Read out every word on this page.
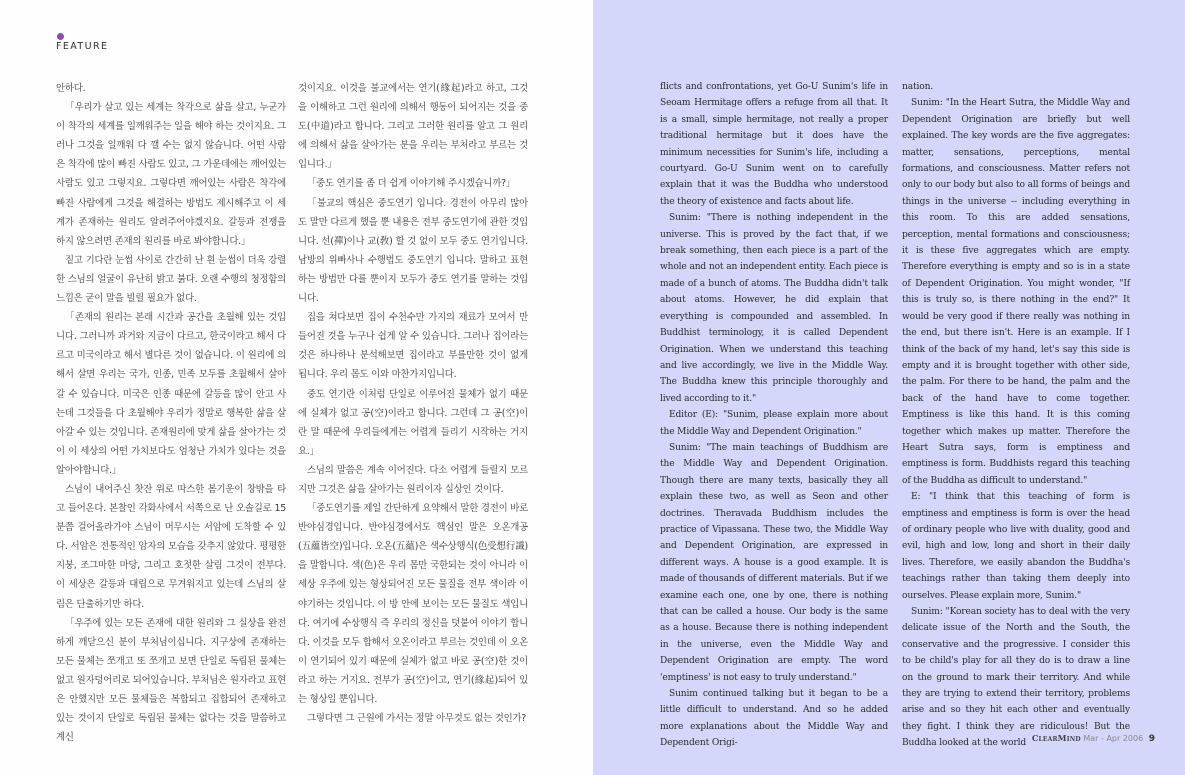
FEATURE

안하다.

「우리가 살고 있는 세계는 착각으로 삶을 살고, 누군가 이 착각의 세계를 일깨워주는 일을 해야 하는 것이지요. 그러나 그것을 일깨워 다 깰 수는 없지 않습니다. 어떤 사람은 착각에 많이 빠진 사람도 있고, 그 가운데에는 깨어있는 사람도 있고 그렇지요. 그렇다면 깨어있는 사람은 착각에 빠진 사람에게 그것을 해결하는 방법도 제시해주고 이 세계가 존재하는 원리도 알려주어야겠지요. 갈등과 전쟁을 하지 않으려면 존재의 원리를 바로 봐야합니다.」

짙고 기다란 눈썹 사이로 간간히 난 흰 눈썹이 더욱 강렬한 스님의 얼굴이 유난히 밝고 붉다. 오랜 수행의 청정함의 느낌은 굳이 말을 빌릴 필요가 없다.

「존재의 원리는 본래 시간과 공간을 초월해 있는 것입니다. 그러니까 과거와 지금이 다르고, 한국이라고 해서 다르고 미국이라고 해서 별다른 것이 없습니다. 이 원리에 의해서 살면 우리는 국가, 인종, 민족 모두를 초월해서 살아갈 수 있습니다. 미국은 인종 때문에 갈등을 많이 안고 사는데 그것들을 다 초월해야 우리가 정말로 행복한 삶을 살아갈 수 있는 것입니다. 존재원리에 맞게 삶을 살아가는 것이 이 세상의 어떤 가치보다도 엄청난 가치가 있다는 것을 알아야합니다.」

스님이 내어주신 찻잔 위로 따스한 봄기운이 창밖을 타고 들어온다. 본찰인 각화사에서 서쪽으로 난 오솔길로 15분쯤 걸어올라가야 스님이 머무시는 서암에 도착할 수 있다. 서암은 전통적인 암자의 모습을 갖추지 않았다. 평평한 지붕, 조그마한 마당, 그리고 호젓한 살림 그것이 전부다. 이 세상은 갈등과 대립으로 무겨워지고 있는데 스님의 살림은 단출하기만 하다.

「우주에 있는 모든 존재에 대한 원리와 그 실상을 완전하게 깨닫으신 분이 부처님이십니다. 지구상에 존재하는 모든 물체는 쪼개고 또 쪼개고 보면 단일로 독립된 물체는 없고 원자덩어리로 되어있습니다. 부처님은 원자라고 표현은 안했지만 모든 물체들은 복합되고 집합되어 존재하고 있는 것이지 단일로 독립된 물체는 없다는 것을 말씀하고 계신

것이지요. 이것을 불교에서는 연기(緣起)라고 하고, 그것을 이해하고 그런 원리에 의해서 행동이 되어지는 것을 중도(中道)라고 합니다. 그리고 그러한 원리를 알고 그 원리에 의해서 삶을 살아가는 분을 우리는 부처라고 부르는 것입니다.」

「중도 연기를 좀 더 쉽게 이야기해 주시겠습니까?」

「불교의 핵심은 중도연기 입니다. 경전이 아무리 많아도 말만 다르게 했을 뿐 내용은 전부 중도연기에 관한 것입니다. 선(禪)이나 교(敎) 할 것 없이 모두 중도 연기입니다. 남방의 위빠사나 수행법도 중도연기 입니다. 말하고 표현하는 방법만 다를 뿐이지 모두가 중도 연기를 말하는 것입니다.

집을 쳐다보면 집이 수천수만 가지의 재료가 모여서 만들어진 것을 누구나 쉽게 알 수 있습니다. 그러나 집이라는 것은 하나하나 분석해보면 집이라고 부를만한 것이 없게 됩니다. 우리 몸도 이와 마찬가지입니다.

중도 연기란 이처럼 단일로 이루어진 물체가 없기 때문에 실체가 없고 공(空)이라고 합니다. 그런데 그 공(空)이란 말 때문에 우리들에게는 어렵게 들리기 시작하는 거지요.」

스님의 말씀은 계속 이어진다. 다소 어렵게 들릴지 모르지만 그것은 삶을 살아가는 원리이자 실상인 것이다.

「중도연기를 제일 간단하게 요약해서 말한 경전이 바로 반야심경입니다. 반야심경에서도 핵심인 말은 오온개공(五蘊皆空)입니다. 오온(五蘊)은 색수상행식(色受想行識)을 말합니다. 색(色)은 우리 몸만 국한되는 것이 아니라 이 세상 우주에 있는 형상되어진 모든 물질을 전부 색이라 이야기하는 것입니다. 이 방 안에 보이는 모든 물질도 색입니다. 여기에 수상행식 즉 우리의 정신을 덧붙여 이야기 합니다. 이것을 모두 합해서 오온이라고 부르는 것인데 이 오온이 연기되어 있기 때문에 실체가 없고 바로 공(空)한 것이라고 하는 거지요. 전부가 공(空)이고, 연기(緣起)되어 있는 형상일 뿐입니다.

그렇다면 그 근원에 가서는 정말 아무것도 없는 것인가?

flicts and confrontations, yet Go-U Sunim's life in Seoam Hermitage offers a refuge from all that. It is a small, simple hermitage, not really a proper traditional hermitage but it does have the minimum necessities for Sunim's life, including a courtyard. Go-U Sunim went on to carefully explain that it was the Buddha who understood the theory of existence and facts about life.

Sunim: "There is nothing independent in the universe. This is proved by the fact that, if we break something, then each piece is a part of the whole and not an independent entity. Each piece is made of a bunch of atoms. The Buddha didn't talk about atoms. However, he did explain that everything is compounded and assembled. In Buddhist terminology, it is called Dependent Origination. When we understand this teaching and live accordingly, we live in the Middle Way. The Buddha knew this principle thoroughly and lived according to it."

Editor (E): "Sunim, please explain more about the Middle Way and Dependent Origination."

Sunim: "The main teachings of Buddhism are the Middle Way and Dependent Origination. Though there are many texts, basically they all explain these two, as well as Seon and other doctrines. Theravada Buddhism includes the practice of Vipassana. These two, the Middle Way and Dependent Origination, are expressed in different ways. A house is a good example. It is made of thousands of different materials. But if we examine each one, one by one, there is nothing that can be called a house. Our body is the same as a house. Because there is nothing independent in the universe, even the Middle Way and Dependent Origination are empty. The word 'emptiness' is not easy to truly understand."

Sunim continued talking but it began to be a little difficult to understand. And so he added more explanations about the Middle Way and Dependent Origi-

nation.

Sunim: "In the Heart Sutra, the Middle Way and Dependent Origination are briefly but well explained. The key words are the five aggregates: matter, sensations, perceptions, mental formations, and consciousness. Matter refers not only to our body but also to all forms of beings and things in the universe -- including everything in this room. To this are added sensations, perception, mental formations and consciousness; it is these five aggregates which are empty. Therefore everything is empty and so is in a state of Dependent Origination. You might wonder, "If this is truly so, is there nothing in the end?" It would be very good if there really was nothing in the end, but there isn't. Here is an example. If I think of the back of my hand, let's say this side is empty and it is brought together with other side, the palm. For there to be hand, the palm and the back of the hand have to come together. Emptiness is like this hand. It is this coming together which makes up matter. Therefore the Heart Sutra says, form is emptiness and emptiness is form. Buddhists regard this teaching of the Buddha as difficult to understand."

E: "I think that this teaching of form is emptiness and emptiness is form is over the head of ordinary people who live with duality, good and evil, high and low, long and short in their daily lives. Therefore, we easily abandon the Buddha's teachings rather than taking them deeply into ourselves. Please explain more, Sunim."

Sunim: "Korean society has to deal with the very delicate issue of the North and the South, the conservative and the progressive. I consider this to be child's play for all they do is to draw a line on the ground to mark their territory. And while they are trying to extend their territory, problems arise and so they hit each other and eventually they fight. I think they are ridiculous! But the Buddha looked at the world

ClearMind Mar - Apr 2006 9
